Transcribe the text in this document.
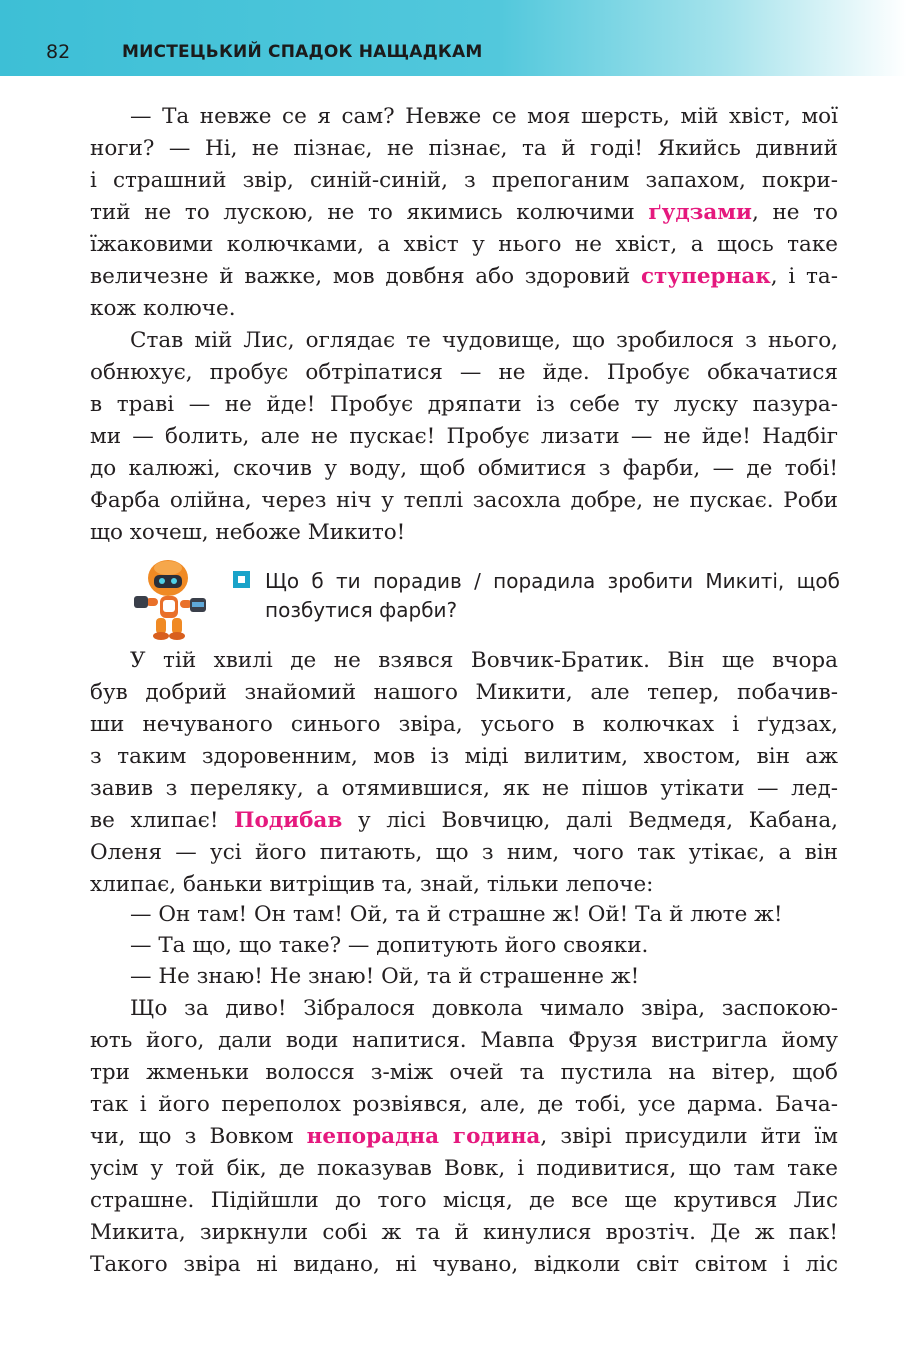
82	МИСТЕЦЬКИЙ СПАДОК НАЩАДКАМ
— Та невже се я сам? Невже се моя шерсть, мій хвіст, мої
ноги? — Ні, не пізнає, не пізнає, та й годі! Якийсь дивний
і страшний звір, синій-синій, з препоганим запахом, покри-
тий не то лускою, не то якимись колючими ґудзами, не то
їжаковими колючками, а хвіст у нього не хвіст, а щось таке
величезне й важке, мов довбня або здоровий ступернак, і та-
кож колюче.
Став мій Лис, оглядає те чудовище, що зробилося з нього,
обнюхує, пробує обтріпатися — не йде. Пробує обкачатися
в траві — не йде! Пробує дряпати із себе ту луску пазура-
ми — болить, але не пускає! Пробує лизати — не йде! Надбіг
до калюжі, скочив у воду, щоб обмитися з фарби, — де тобі!
Фарба олійна, через ніч у теплі засохла добре, не пускає. Роби
що хочеш, небоже Микито!
Що б ти порадив / порадила зробити Микиті, щоб
позбутися фарби?
У тій хвилі де не взявся Вовчик-Братик. Він ще вчора
був добрий знайомий нашого Микити, але тепер, побачив-
ши нечуваного синього звіра, усього в колючках і ґудзах,
з таким здоровенним, мов із міді вилитим, хвостом, він аж
завив з переляку, а отямившися, як не пішов утікати — лед-
ве хлипає! Подибав у лісі Вовчицю, далі Ведмедя, Кабана,
Оленя — усі його питають, що з ним, чого так утікає, а він
хлипає, баньки витріщив та, знай, тільки лепоче:
— Он там! Он там! Ой, та й страшне ж! Ой! Та й люте ж!
— Та що, що таке? — допитують його свояки.
— Не знаю! Не знаю! Ой, та й страшенне ж!
Що за диво! Зібралося довкола чимало звіра, заспокою-
ють його, дали води напитися. Мавпа Фрузя вистригла йому
три жменьки волосся з-між очей та пустила на вітер, щоб
так і його переполох розвіявся, але, де тобі, усе дарма. Бача-
чи, що з Вовком непорадна година, звірі присудили йти їм
усім у той бік, де показував Вовк, і подивитися, що там таке
страшне. Підійшли до того місця, де все ще крутився Лис
Микита, зиркнули собі ж та й кинулися врозтіч. Де ж пак!
Такого звіра ні видано, ні чувано, відколи світ світом і ліс
